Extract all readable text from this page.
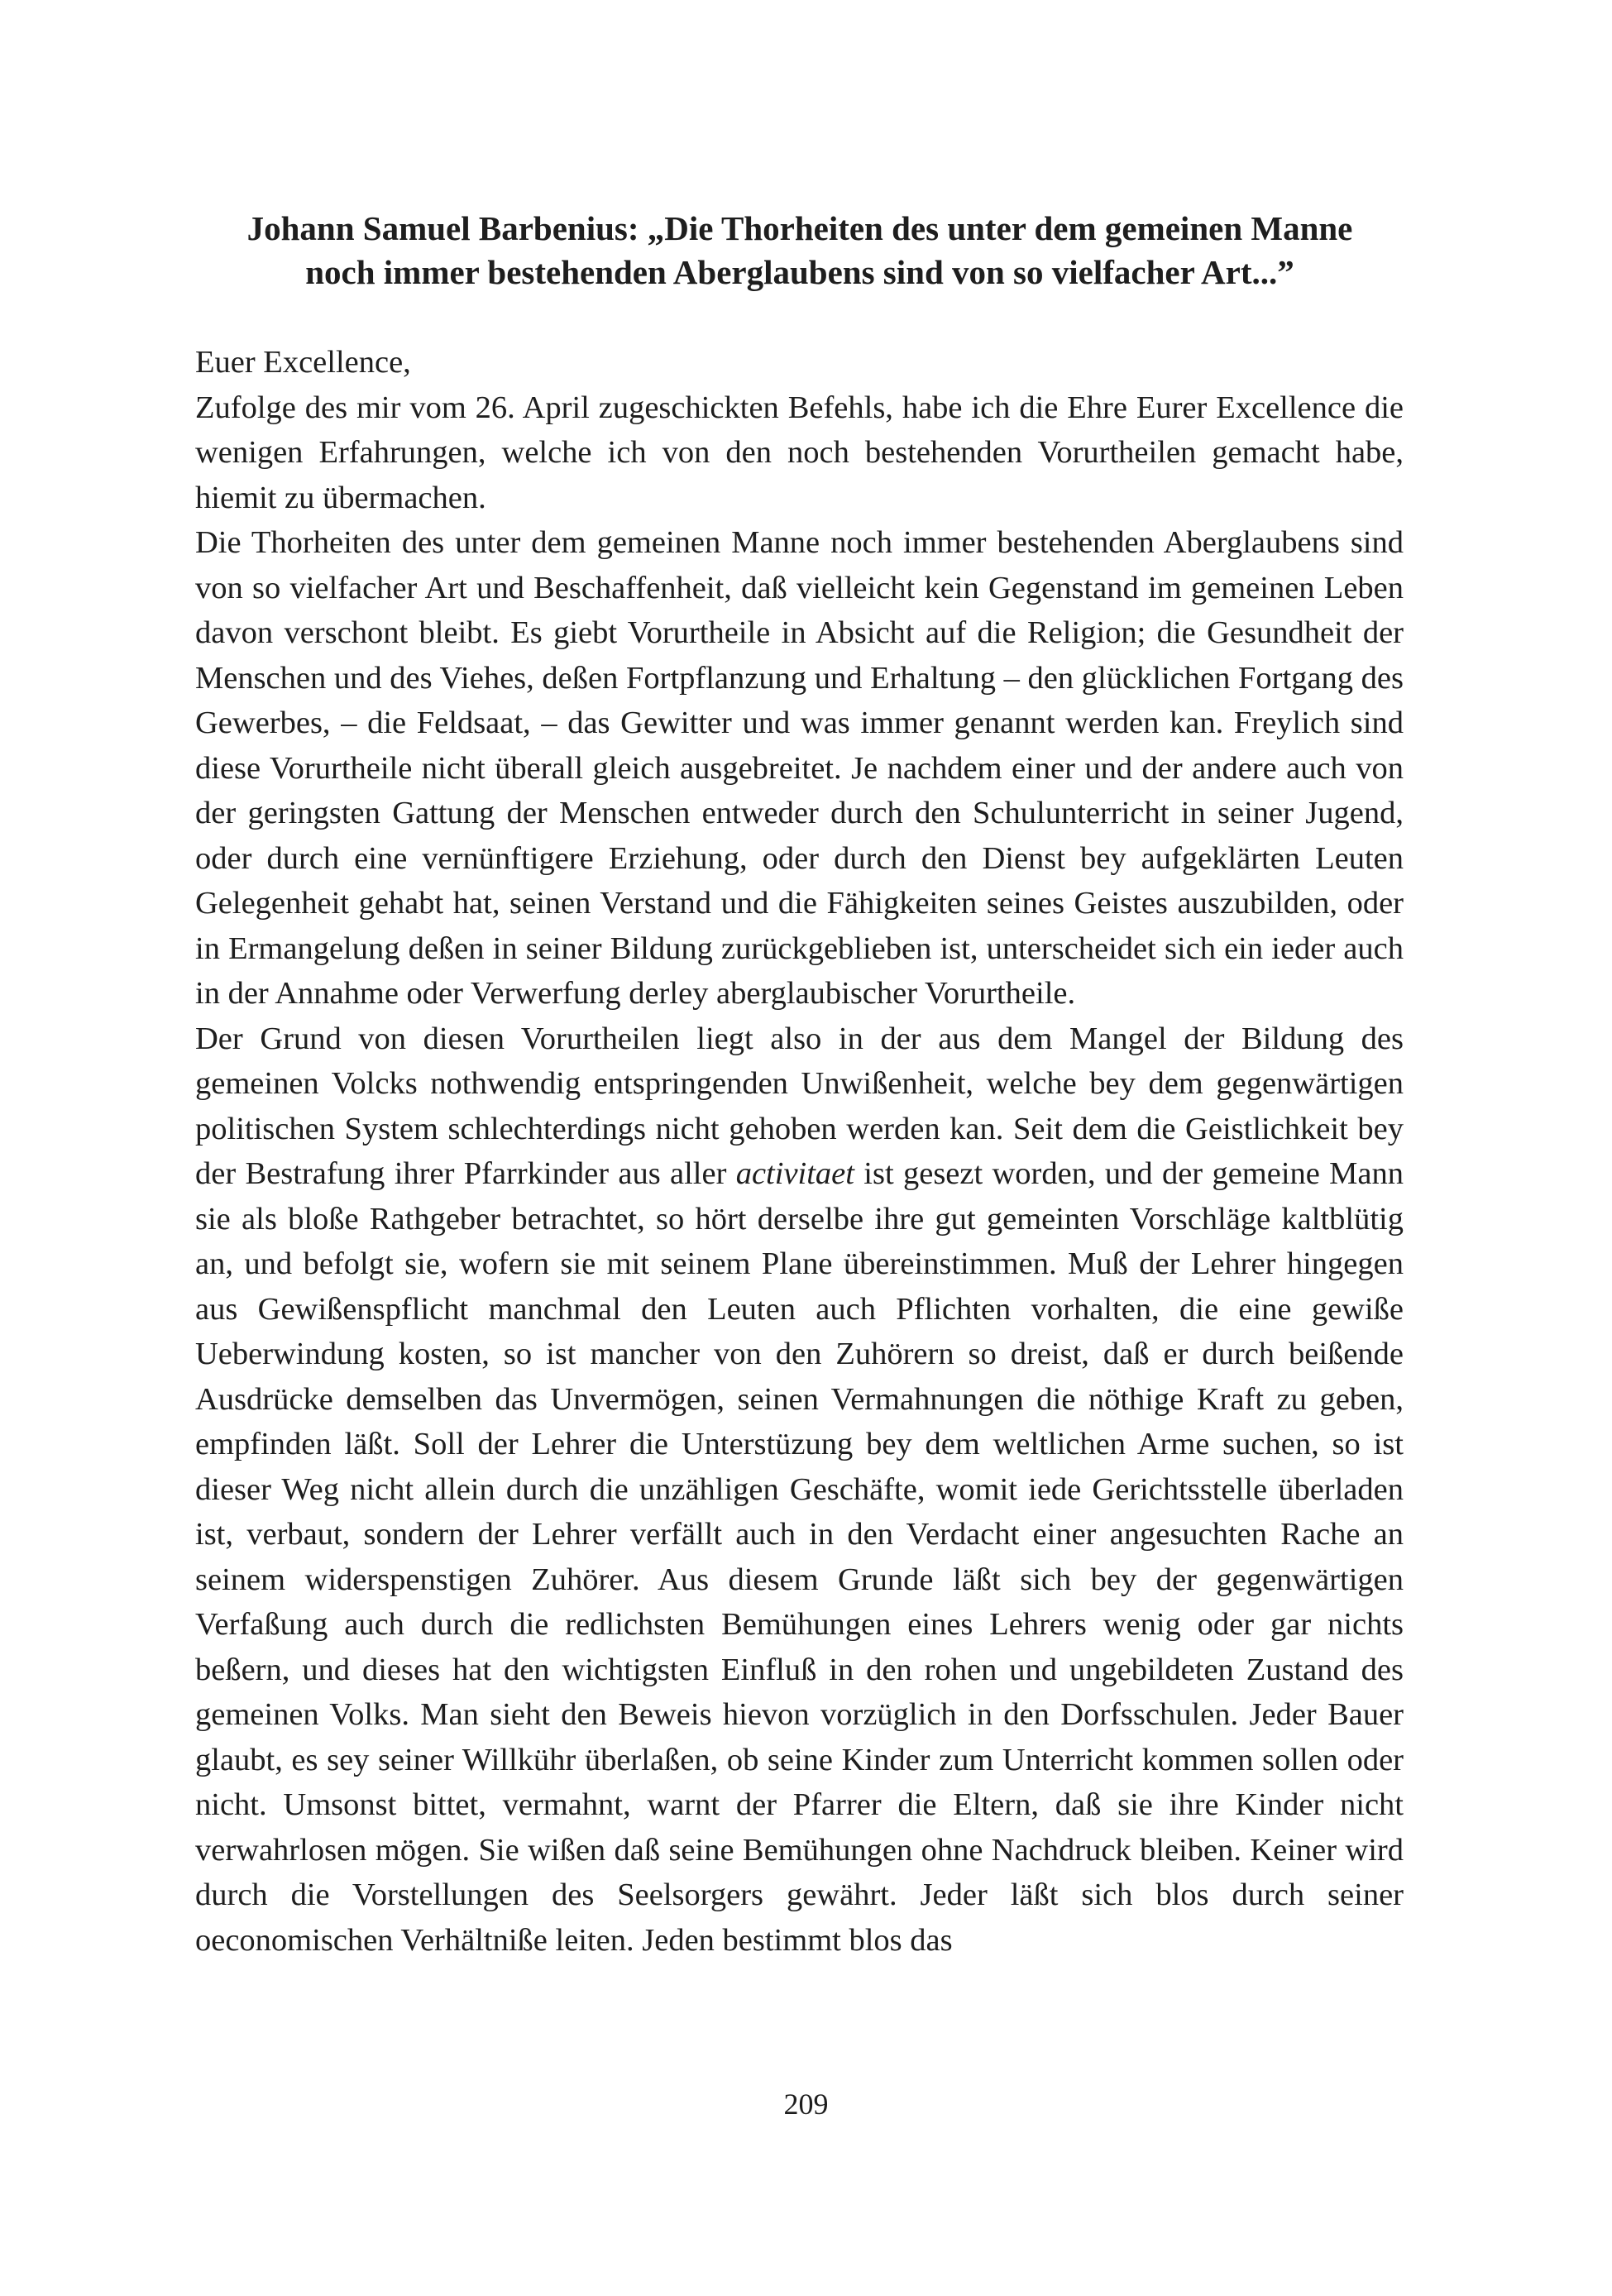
Johann Samuel Barbenius: „Die Thorheiten des unter dem gemeinen Manne
noch immer bestehenden Aberglaubens sind von so vielfacher Art...”

Euer Excellence,

Zufolge des mir vom 26. April zugeschickten Befehls, habe ich die Ehre Eurer Excellence die wenigen Erfahrungen, welche ich von den noch bestehenden Vorurtheilen gemacht habe, hiemit zu übermachen.

Die Thorheiten des unter dem gemeinen Manne noch immer bestehenden Aberglaubens sind von so vielfacher Art und Beschaffenheit, daß vielleicht kein Gegenstand im gemeinen Leben davon verschont bleibt. Es giebt Vorurtheile in Absicht auf die Religion; die Gesundheit der Menschen und des Viehes, deßen Fortpflanzung und Erhaltung – den glücklichen Fortgang des Gewerbes, – die Feldsaat, – das Gewitter und was immer genannt werden kan. Freylich sind diese Vorurtheile nicht überall gleich ausgebreitet. Je nachdem einer und der andere auch von der geringsten Gattung der Menschen entweder durch den Schulunterricht in seiner Jugend, oder durch eine vernünftigere Erziehung, oder durch den Dienst bey aufgeklärten Leuten Gelegenheit gehabt hat, seinen Verstand und die Fähigkeiten seines Geistes auszubilden, oder in Ermangelung deßen in seiner Bildung zurückgeblieben ist, unterscheidet sich ein ieder auch in der Annahme oder Verwerfung derley aberglaubischer Vorurtheile.

Der Grund von diesen Vorurtheilen liegt also in der aus dem Mangel der Bildung des gemeinen Volcks nothwendig entspringenden Unwißenheit, welche bey dem gegenwärtigen politischen System schlechterdings nicht gehoben werden kan. Seit dem die Geistlichkeit bey der Bestrafung ihrer Pfarrkinder aus aller activitaet ist gesezt worden, und der gemeine Mann sie als bloße Rathgeber betrachtet, so hört derselbe ihre gut gemeinten Vorschläge kaltblütig an, und befolgt sie, wofern sie mit seinem Plane übereinstimmen. Muß der Lehrer hingegen aus Gewißenspflicht manchmal den Leuten auch Pflichten vorhalten, die eine gewiße Ueberwindung kosten, so ist mancher von den Zuhörern so dreist, daß er durch beißende Ausdrücke demselben das Unvermögen, seinen Vermahnungen die nöthige Kraft zu geben, empfinden läßt. Soll der Lehrer die Unterstüzung bey dem weltlichen Arme suchen, so ist dieser Weg nicht allein durch die unzähligen Geschäfte, womit iede Gerichtsstelle überladen ist, verbaut, sondern der Lehrer verfällt auch in den Verdacht einer angesuchten Rache an seinem widerspenstigen Zuhörer. Aus diesem Grunde läßt sich bey der gegenwärtigen Verfaßung auch durch die redlichsten Bemühungen eines Lehrers wenig oder gar nichts beßern, und dieses hat den wichtigsten Einfluß in den rohen und ungebildeten Zustand des gemeinen Volks. Man sieht den Beweis hievon vorzüglich in den Dorfsschulen. Jeder Bauer glaubt, es sey seiner Willkühr überlaßen, ob seine Kinder zum Unterricht kommen sollen oder nicht. Umsonst bittet, vermahnt, warnt der Pfarrer die Eltern, daß sie ihre Kinder nicht verwahrlosen mögen. Sie wißen daß seine Bemühungen ohne Nachdruck bleiben. Keiner wird durch die Vorstellungen des Seelsorgers gewährt. Jeder läßt sich blos durch seiner oeconomischen Verhältniße leiten. Jeden bestimmt blos das

209
